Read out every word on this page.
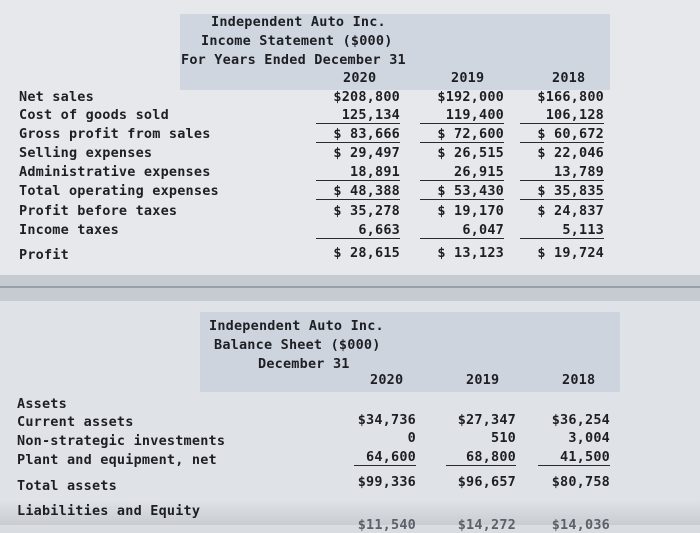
Independent Auto Inc.
Income Statement ($000)
For Years Ended December 31
2020	2019	2018
Net sales	$208,800	$192,000	$166,800
Cost of goods sold	125,134	119,400	106,128
Gross profit from sales	$ 83,666	$ 72,600	$ 60,672
Selling expenses	$ 29,497	$ 26,515	$ 22,046
Administrative expenses	18,891	26,915	13,789
Total operating expenses	$ 48,388	$ 53,430	$ 35,835
Profit before taxes	$ 35,278	$ 19,170	$ 24,837
Income taxes	6,663	6,047	5,113
Profit	$ 28,615	$ 13,123	$ 19,724
Independent Auto Inc.
Balance Sheet ($000)
December 31
2020	2019	2018
Assets
Current assets	$34,736	$27,347	$36,254
Non-strategic investments	0	510	3,004
Plant and equipment, net	64,600	68,800	41,500
Total assets	$99,336	$96,657	$80,758
Liabilities and Equity
$11,540	$14,272	$14,036
